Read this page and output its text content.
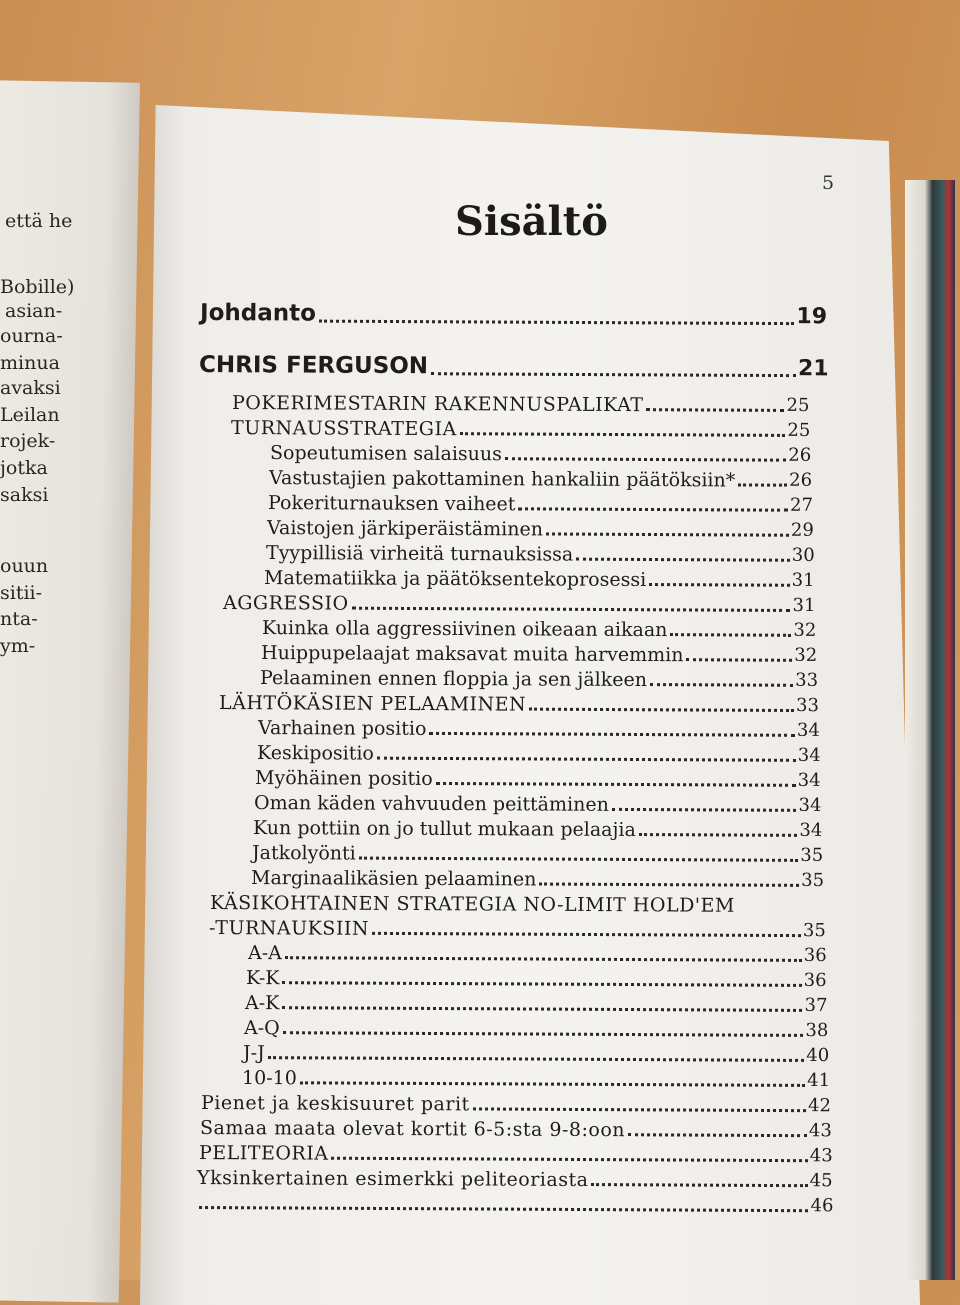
että he
Bobille)
asian-
ourna-
minua
avaksi
Leilan
rojek-
jotka
saksi
ouun
sitii-
nta-
ym-
5
Sisältö
Johdanto	19
CHRIS FERGUSON	21
POKERIMESTARIN RAKENNUSPALIKAT	25
TURNAUSSTRATEGIA	25
Sopeutumisen salaisuus	26
Vastustajien pakottaminen hankaliin päätöksiin*	26
Pokeriturnauksen vaiheet	27
Vaistojen järkiperäistäminen	29
Tyypillisiä virheitä turnauksissa	30
Matematiikka ja päätöksentekoprosessi	31
AGGRESSIO	31
Kuinka olla aggressiivinen oikeaan aikaan	32
Huippupelaajat maksavat muita harvemmin	32
Pelaaminen ennen floppia ja sen jälkeen	33
LÄHTÖKÄSIEN PELAAMINEN	33
Varhainen positio	34
Keskipositio	34
Myöhäinen positio	34
Oman käden vahvuuden peittäminen	34
Kun pottiin on jo tullut mukaan pelaajia	34
Jatkolyönti	35
Marginaalikäsien pelaaminen	35
KÄSIKOHTAINEN STRATEGIA NO-LIMIT HOLD'EM
-TURNAUKSIIN	35
A-A	36
K-K	36
A-K	37
A-Q	38
J-J	40
10-10	41
Pienet ja keskisuuret parit	42
Samaa maata olevat kortit 6-5:sta 9-8:oon	43
PELITEORIA	43
Yksinkertainen esimerkki peliteoriasta	45
46
